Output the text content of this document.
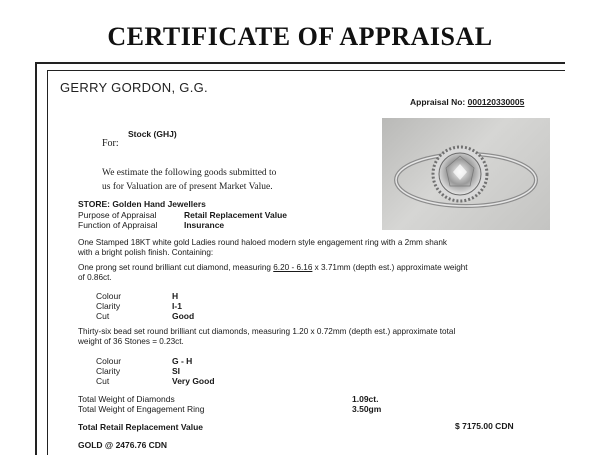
CERTIFICATE OF APPRAISAL
GERRY GORDON, G.G.
Appraisal No: 000120330005
Stock (GHJ)
For:
We estimate the following goods submitted to
us for Valuation are of present Market Value.
STORE: Golden Hand Jewellers
Purpose of Appraisal	Retail Replacement Value
Function of Appraisal	Insurance
One Stamped 18KT white gold Ladies round haloed modern style engagement ring with a 2mm shank
with a bright polish finish. Containing:
One prong set round brilliant cut diamond, measuring 6.20 - 6.16 x 3.71mm (depth est.) approximate weight
of 0.86ct.
Colour	H
Clarity	I-1
Cut	Good
Thirty-six bead set round brilliant cut diamonds, measuring 1.20 x 0.72mm (depth est.) approximate total
weight of 36 Stones = 0.23ct.
Colour	G - H
Clarity	SI
Cut	Very Good
Total Weight of Diamonds	1.09ct.
Total Weight of Engagement Ring	3.50gm
Total Retail Replacement Value	$ 7175.00 CDN
GOLD @ 2476.76 CDN
